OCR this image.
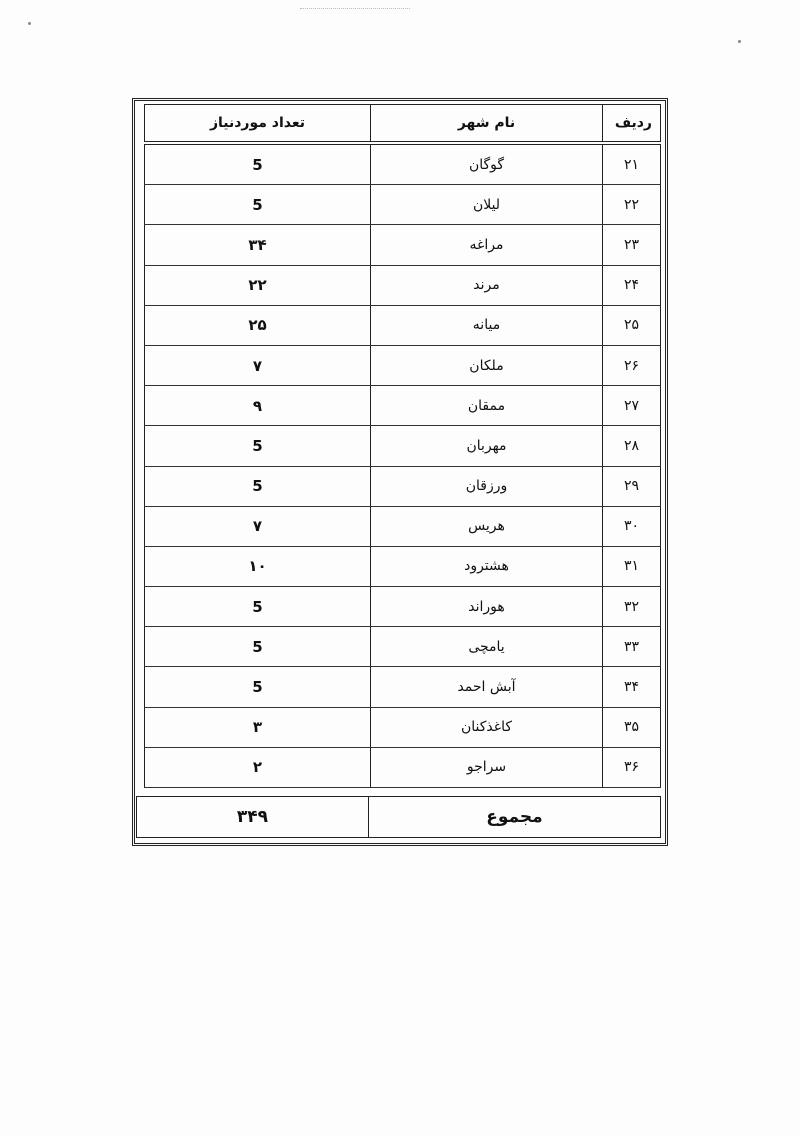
ردیف	نام شهر	تعداد موردنیاز
۲۱	گوگان	5
۲۲	لیلان	5
۲۳	مراغه	۳۴
۲۴	مرند	۲۲
۲۵	میانه	۲۵
۲۶	ملکان	۷
۲۷	ممقان	۹
۲۸	مهربان	5
۲۹	ورزقان	5
۳۰	هریس	۷
۳۱	هشترود	۱۰
۳۲	هوراند	5
۳۳	یامچی	5
۳۴	آبش احمد	5
۳۵	کاغذکنان	۳
۳۶	سراجو	۲
مجموع	۳۴۹
